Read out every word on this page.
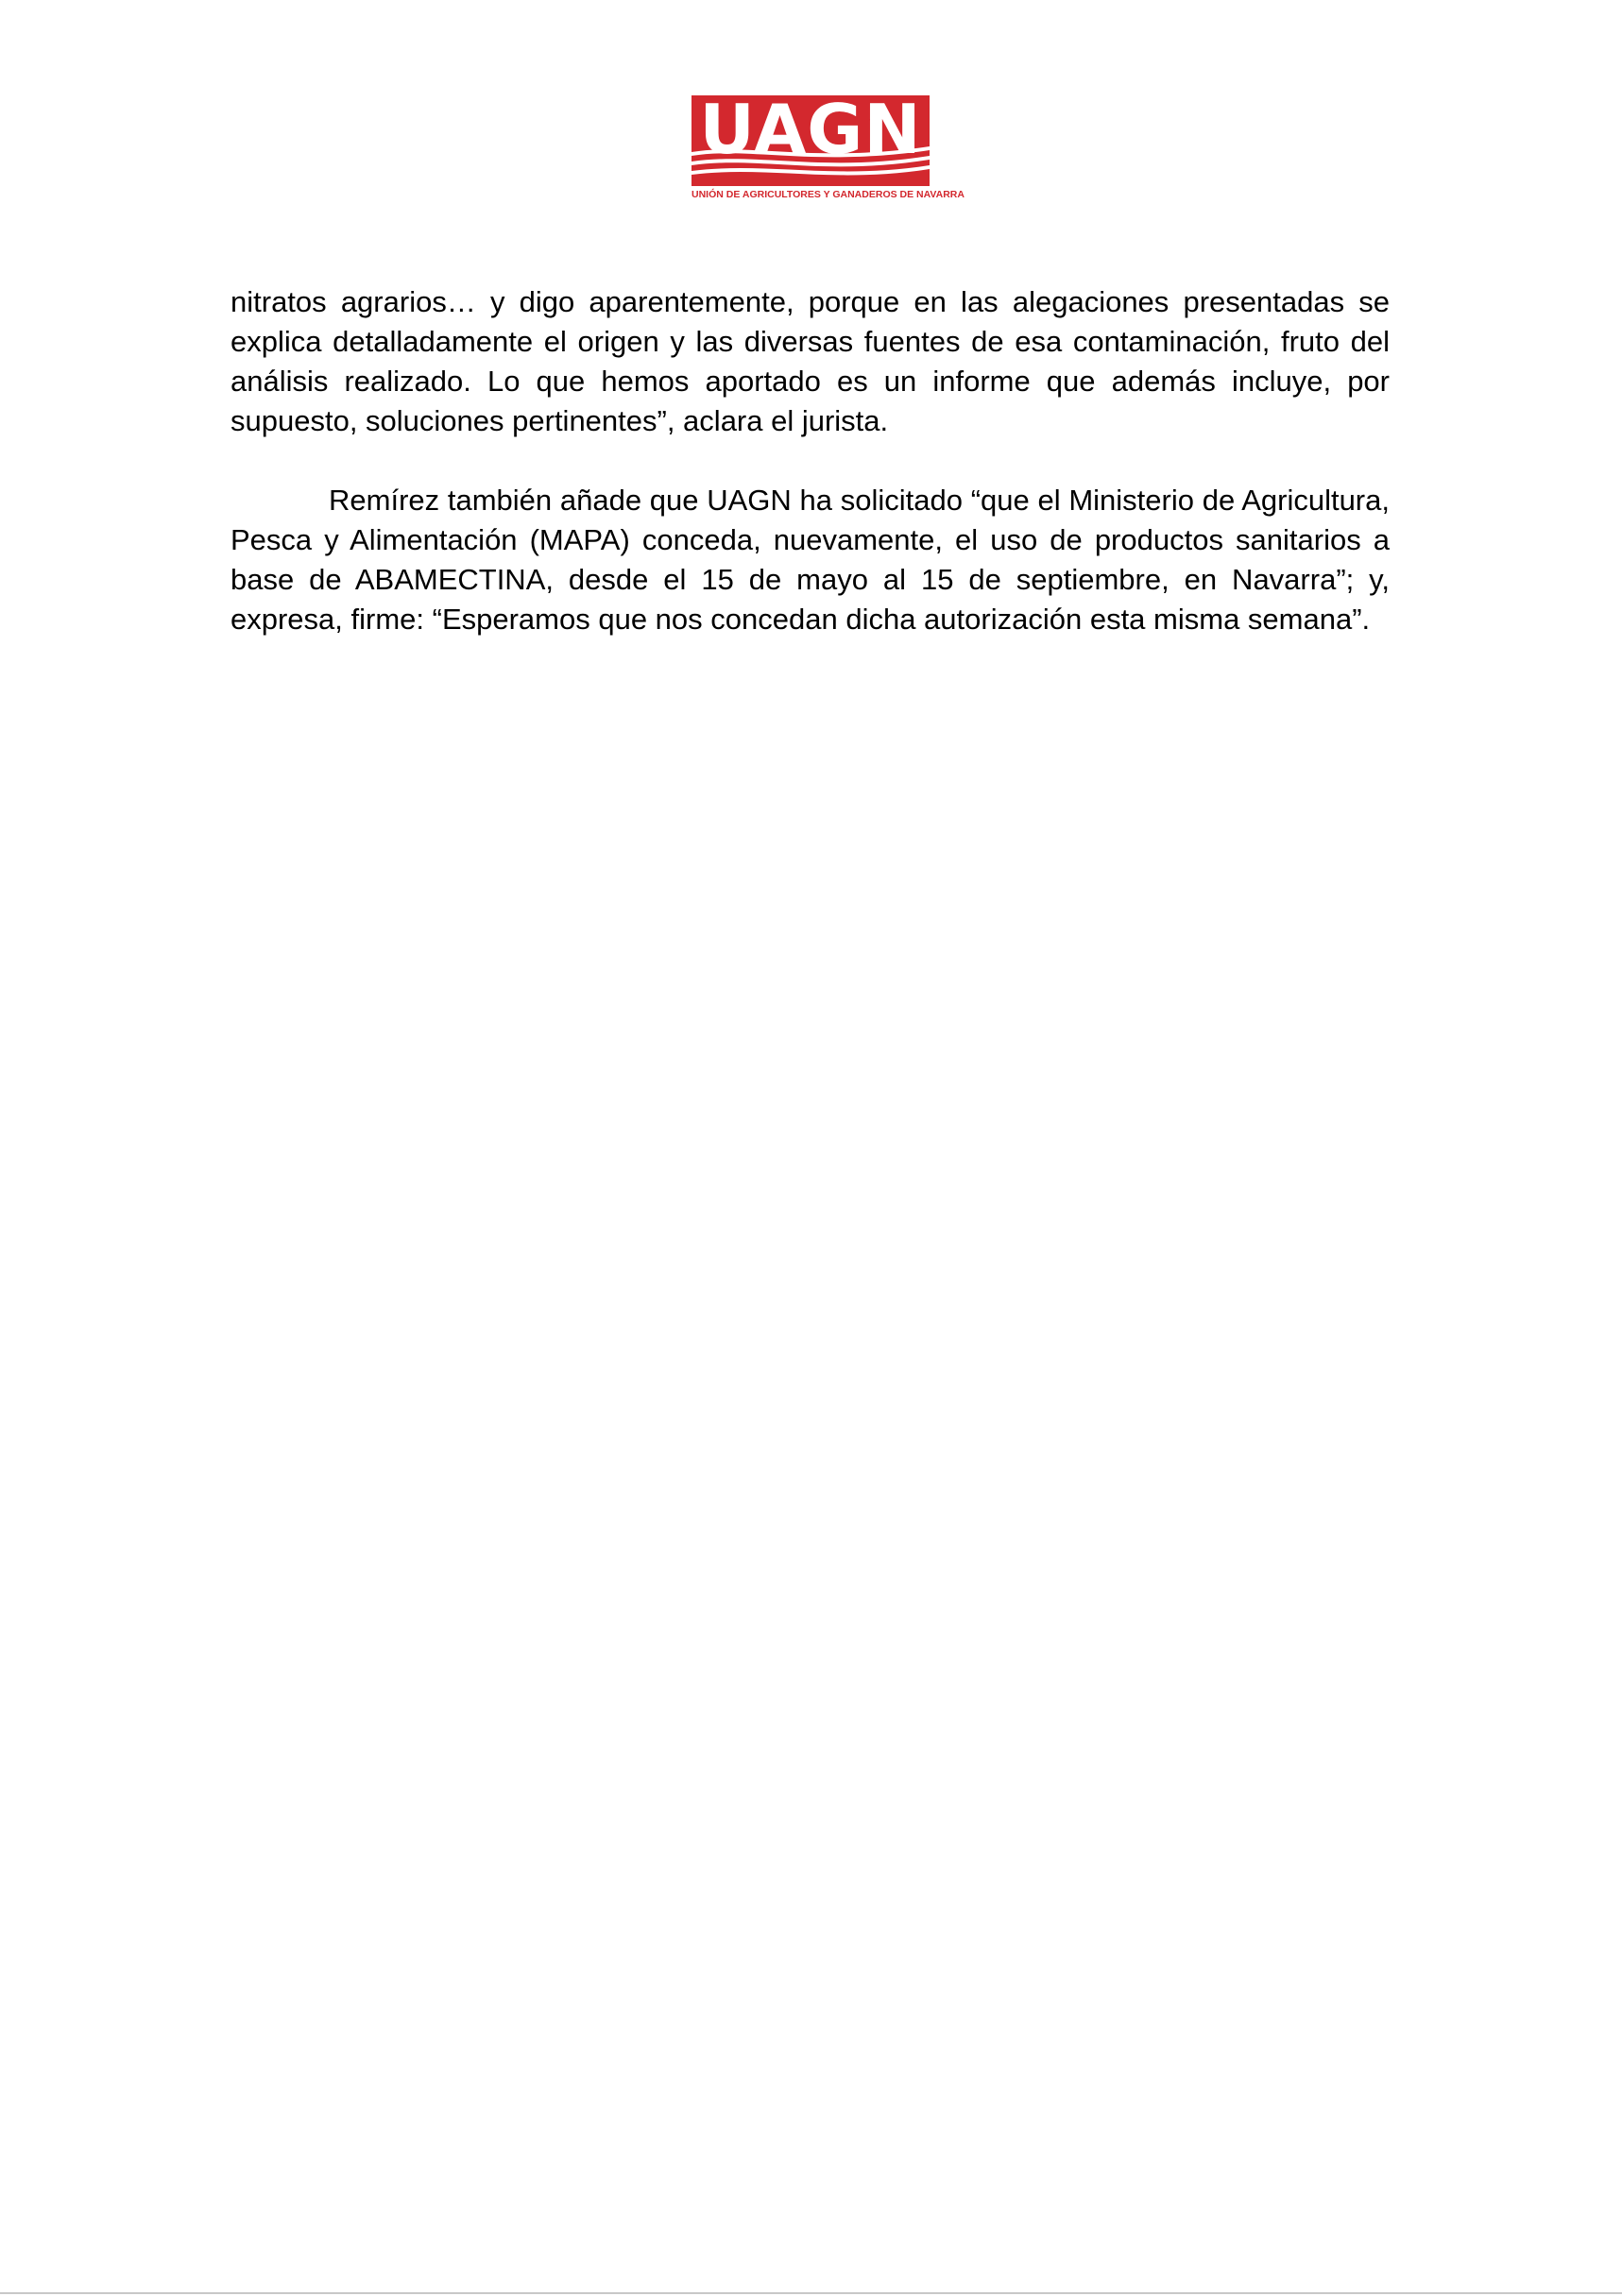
UAGN
UNIÓN DE AGRICULTORES Y GANADEROS DE NAVARRA

nitratos agrarios… y digo aparentemente, porque en las alegaciones presentadas se explica detalladamente el origen y las diversas fuentes de esa contaminación, fruto del análisis realizado. Lo que hemos aportado es un informe que además incluye, por supuesto, soluciones pertinentes”, aclara el jurista.

Remírez también añade que UAGN ha solicitado “que el Ministerio de Agricultura, Pesca y Alimentación (MAPA) conceda, nuevamente, el uso de productos sanitarios a base de ABAMECTINA, desde el 15 de mayo al 15 de septiembre, en Navarra”; y, expresa, firme: “Esperamos que nos concedan dicha autorización esta misma semana”.
